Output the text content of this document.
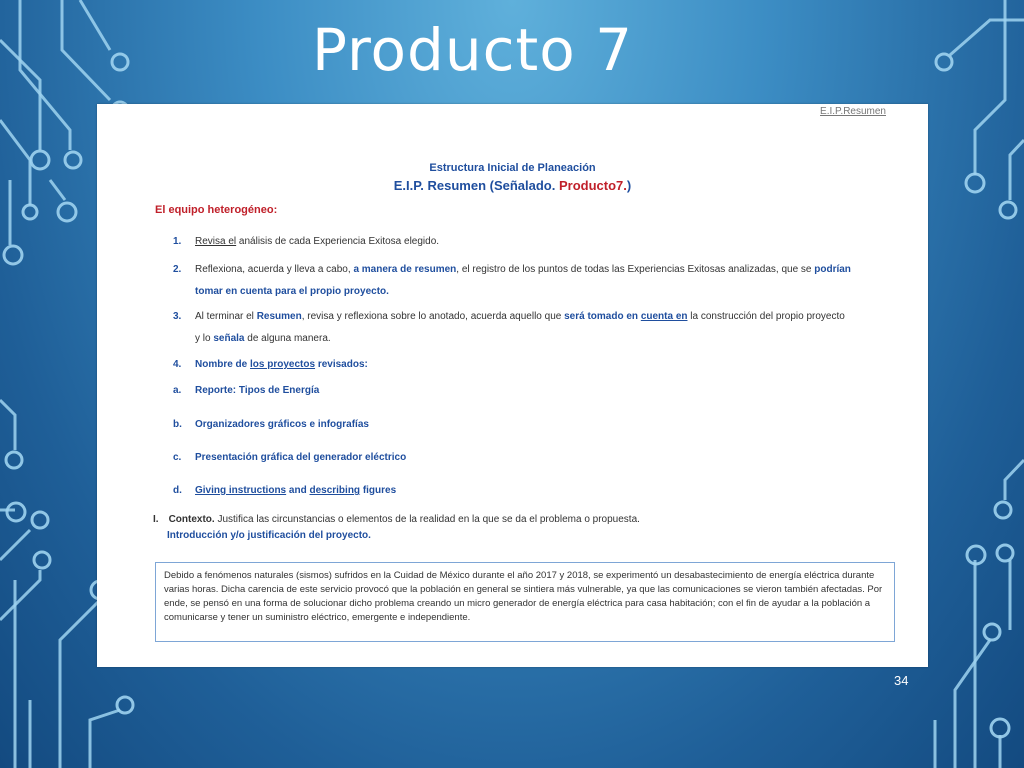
Producto 7
E.I.P.Resumen
Estructura Inicial de Planeación
E.I.P. Resumen (Señalado. Producto7.)
El equipo heterogéneo:
1. Revisa el análisis de cada Experiencia Exitosa elegido.
2. Reflexiona, acuerda y lleva a cabo, a manera de resumen, el registro de los puntos de todas las Experiencias Exitosas analizadas, que se podrían
tomar en cuenta para el propio proyecto.
3. Al terminar el Resumen, revisa y reflexiona sobre lo anotado, acuerda aquello que será tomado en cuenta en la construcción del propio proyecto
y lo señala de alguna manera.
4. Nombre de los proyectos revisados:
a. Reporte: Tipos de Energía
b. Organizadores gráficos e infografías
c. Presentación gráfica del generador eléctrico
d. Giving instructions and describing figures
I. Contexto. Justifica las circunstancias o elementos de la realidad en la que se da el problema o propuesta.
Introducción y/o justificación del proyecto.
Debido a fenómenos naturales (sismos) sufridos en la Cuidad de México durante el año 2017 y 2018, se experimentó un desabastecimiento de energía eléctrica durante varias horas. Dicha carencia de este servicio provocó que la población en general se sintiera más vulnerable, ya que las comunicaciones se vieron también afectadas. Por ende, se pensó en una forma de solucionar dicho problema creando un micro generador de energía eléctrica para casa habitación; con el fin de ayudar a la población a comunicarse y tener un suministro eléctrico, emergente e independiente.
34
